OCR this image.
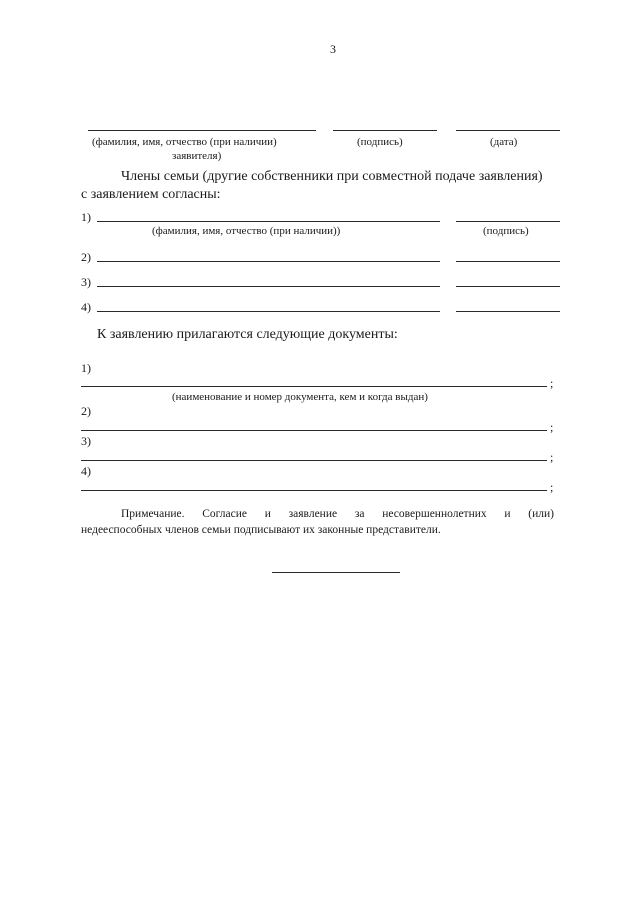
3
(фамилия, имя, отчество (при наличии)
заявителя)
(подпись)	(дата)
Члены семьи (другие собственники при совместной подаче заявления)
с заявлением согласны:
1)
(фамилия, имя, отчество (при наличии))	(подпись)
2)
3)
4)
К заявлению прилагаются следующие документы:
1)
;
(наименование и номер документа, кем и когда выдан)
2)
;
3)
;
4)
;
Примечание. Согласие и заявление за несовершеннолетних и (или)
недееспособных членов семьи подписывают их законные представители.
